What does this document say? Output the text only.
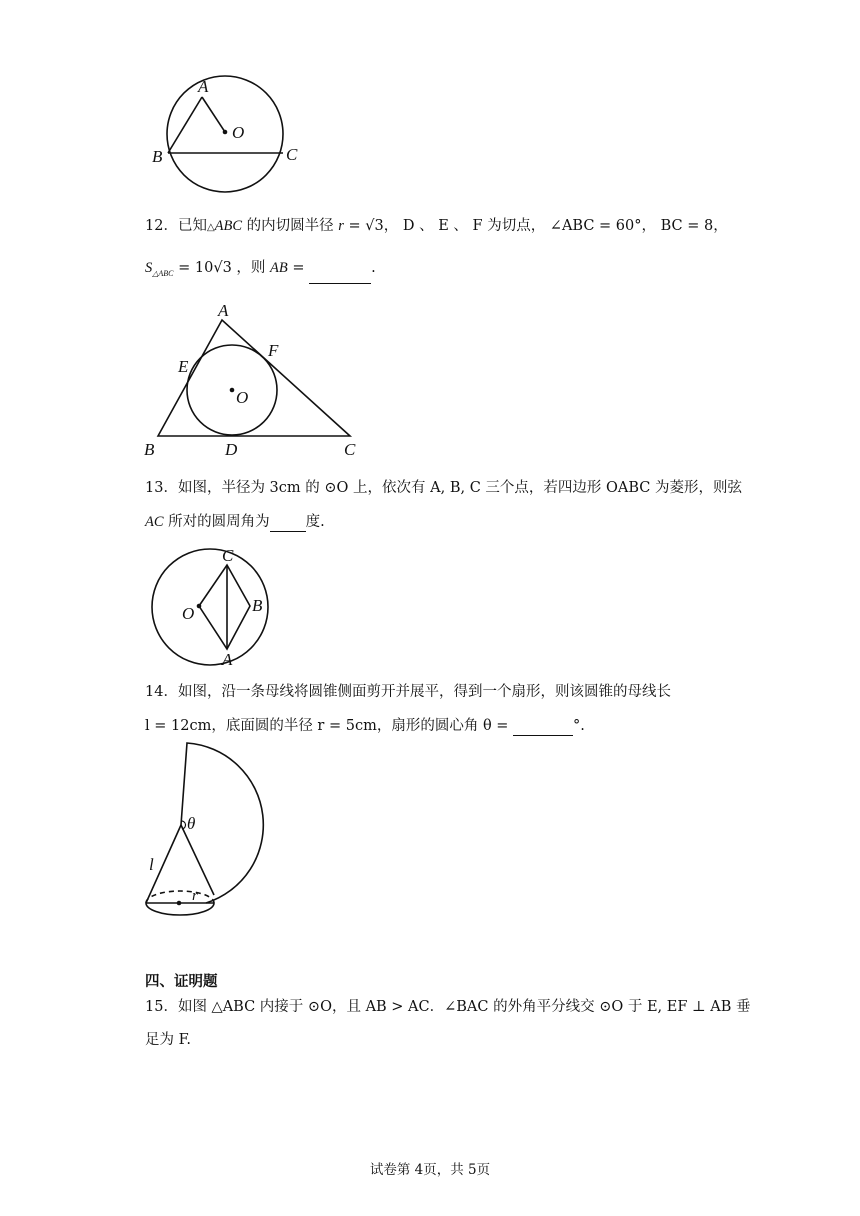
A
O
B	C
12．已知△ABC 的内切圆半径 r = √3， D 、 E 、 F 为切点， ∠ABC = 60°， BC = 8，
$S_{\triangle ABC} = 10√3$ ，则 AB =	.
A
F
E
O
B	D	C
13．如图，半径为 3cm 的 ⊙O 上，依次有 A, B, C 三个点，若四边形 OABC 为菱形，则弦
AC 所对的圆周角为 度.
C
O	B
A
14．如图，沿一条母线将圆锥侧面剪开并展平，得到一个扇形，则该圆锥的母线长
l = 12cm，底面圆的半径 r = 5cm，扇形的圆心角 θ =	°.
θ
l
r
四、证明题
15．如图 △ABC 内接于 ⊙O，且 AB > AC．∠BAC 的外角平分线交 ⊙O 于 E, EF ⊥ AB 垂
足为 F.
试卷第 4页，共 5页
